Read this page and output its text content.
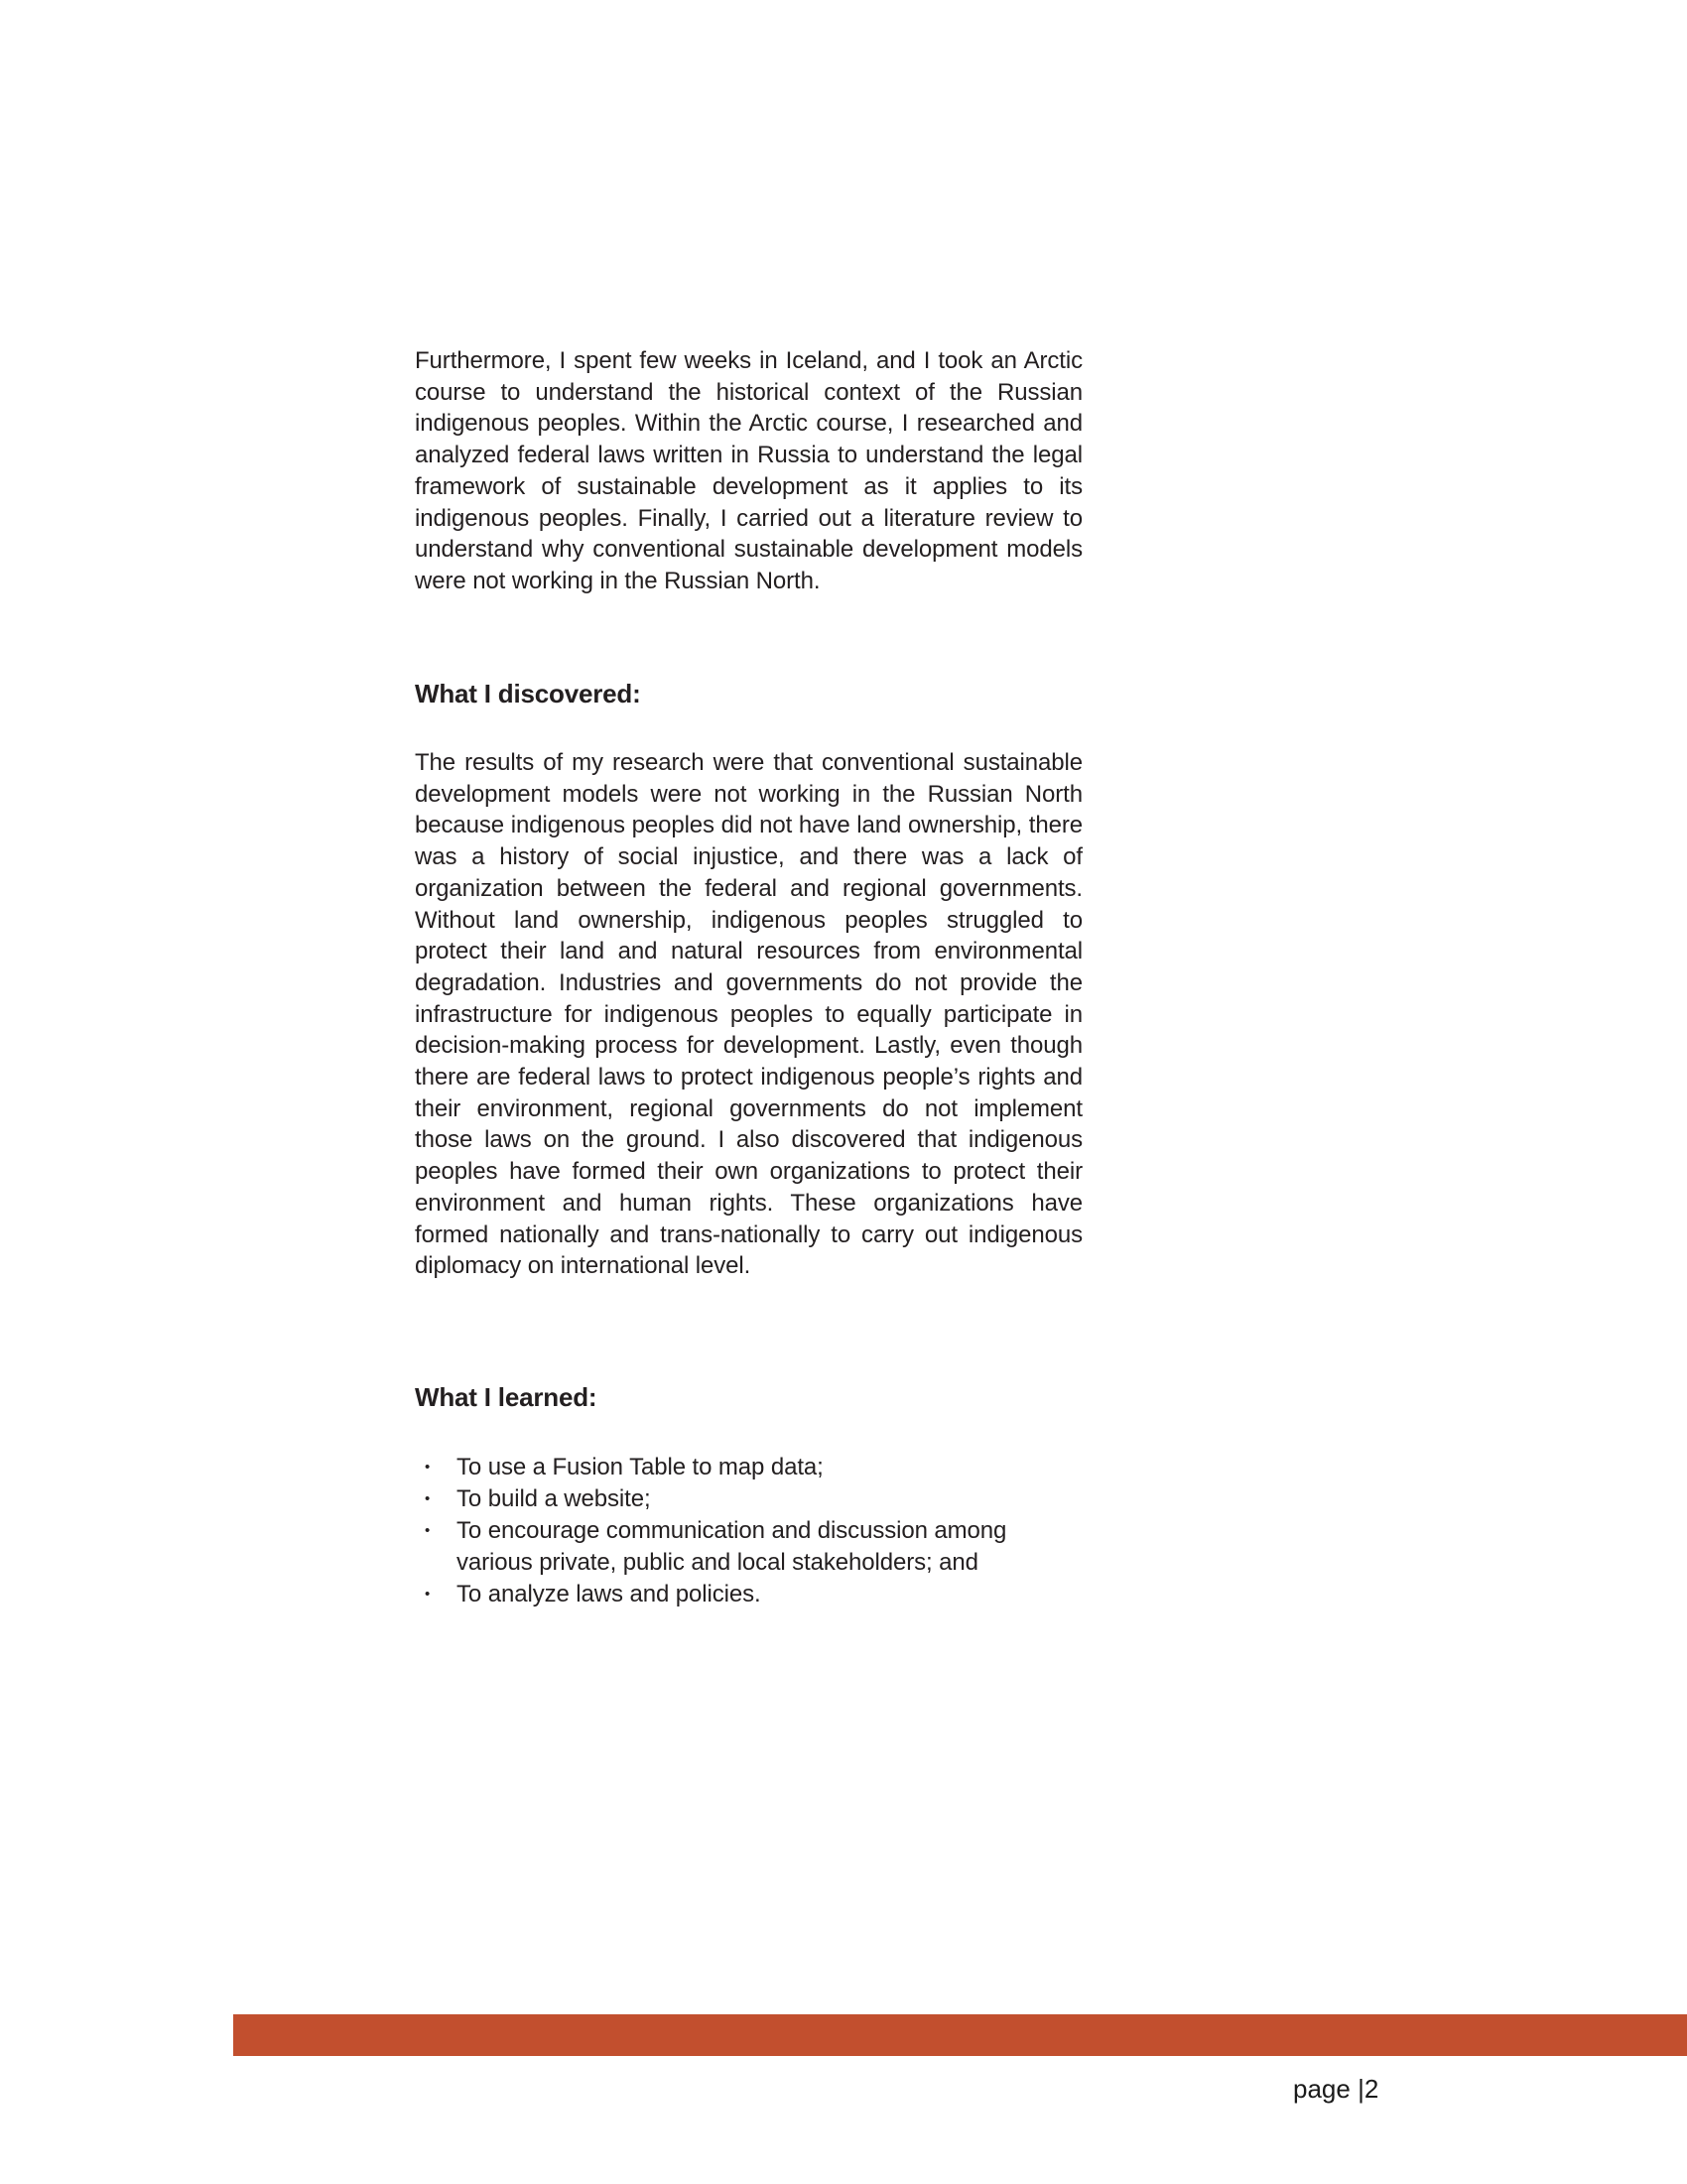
Furthermore, I spent few weeks in Iceland, and I took an Arctic course to understand the historical context of the Russian indigenous peoples. Within the Arctic course, I researched and analyzed federal laws written in Russia to understand the legal framework of sustainable development as it applies to its indigenous peoples. Finally, I carried out a literature review to understand why conventional sustainable development models were not working in the Russian North.

What I discovered:

The results of my research were that conventional sustainable development models were not working in the Russian North because indigenous peoples did not have land ownership, there was a history of social injustice, and there was a lack of organization between the federal and regional governments. Without land ownership, indigenous peoples struggled to protect their land and natural resources from environmental degradation. Industries and governments do not provide the infrastructure for indigenous peoples to equally participate in decision-making process for development. Lastly, even though there are federal laws to protect indigenous people’s rights and their environment, regional governments do not implement those laws on the ground. I also discovered that indigenous peoples have formed their own organizations to protect their environment and human rights. These organizations have formed nationally and trans-nationally to carry out indigenous diplomacy on international level.

What I learned:
• To use a Fusion Table to map data;
• To build a website;
• To encourage communication and discussion among various private, public and local stakeholders; and
• To analyze laws and policies.
page |2
